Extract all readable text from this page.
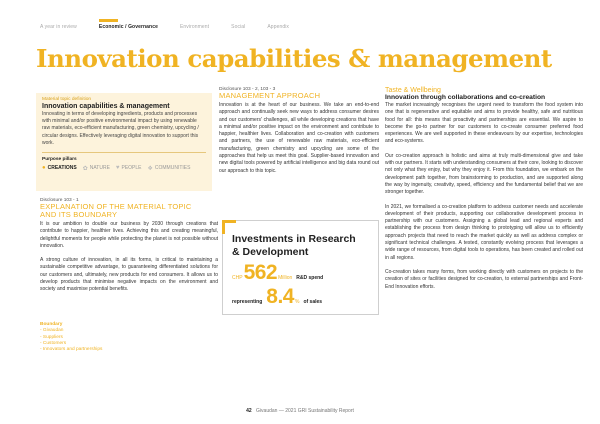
A year in review	Economic / Governance	Environment	Social	Appendix
Innovation capabilities & management
Material topic definition
Innovation capabilities & management
Innovating in terms of developing ingredients, products and processes with minimal and/or positive environmental impact by using renewable raw materials, eco-efficient manufacturing, green chemistry, upcycling / circular designs. Effectively leveraging digital innovation to support this work.
Purpose pillars
● CREATIONS ✿ NATURE ♥ PEOPLE ❖ COMMUNITIES
Disclosure 103 - 1
EXPLANATION OF THE MATERIAL TOPIC
AND ITS BOUNDARY

It is our ambition to double our business by 2030 through creations that contribute to happier, healthier lives. Achieving this and creating meaningful, delightful moments for people while protecting the planet is not possible without innovation.

A strong culture of innovation, in all its forms, is critical to maintaining a sustainable competitive advantage, to guaranteeing differentiated solutions for our customers and, ultimately, new products for end consumers. It allows us to develop products that minimise negative impacts on the environment and society and maximise potential benefits.

Boundary
- Givaudan
- Suppliers
- Customers
- Innovators and partnerships
Disclosure 103 - 2, 103 - 3
MANAGEMENT APPROACH

Innovation is at the heart of our business. We take an end-to-end approach and continually seek new ways to address consumer desires and our customers' challenges, all while developing creations that have a minimal and/or positive impact on the environment and contribute to happier, healthier lives. Collaboration and co-creation with customers and partners, the use of renewable raw materials, eco-efficient manufacturing, green chemistry and upcycling are some of the approaches that help us meet this goal. Supplier-based innovation and new digital tools powered by artificial intelligence and big data round out our approach to this topic.

Investments in Research
& Development
CHP 562 Million R&D spend
representing 8.4 % of sales
Taste & Wellbeing
Innovation through collaborations and co-creation

The market increasingly recognises the urgent need to transform the food system into one that is regenerative and equitable and aims to provide healthy, safe and nutritious food for all: this means that proactivity and partnerships are essential. We aspire to become the go-to partner for our customers to co-create consumer preferred food experiences. We are well supported in these endeavours by our expertise, technologies and eco-systems.

Our co-creation approach is holistic and aims at truly multi-dimensional give and take with our partners. It starts with understanding consumers at their core, looking to discover not only what they enjoy, but why they enjoy it. From this foundation, we embark on the development path together, from brainstorming to production, and are supported along the way by ingenuity, creativity, speed, efficiency and the fundamental belief that we are stronger together.

In 2021, we formalised a co-creation platform to address customer needs and accelerate development of their products, supporting our collaborative development process in partnership with our customers. Assigning a global lead and regional experts and establishing the process from design thinking to prototyping will allow us to efficiently approach projects that need to reach the market quickly as well as address complex or significant technical challenges. A tested, constantly evolving process that leverages a wide range of resources, from digital tools to operations, has been created and rolled out in all regions.

Co-creation takes many forms, from working directly with customers on projects to the creation of sites or facilities designed for co-creation, to external partnerships and Front-End Innovation efforts.

42 Givaudan — 2021 GRI Sustainability Report
